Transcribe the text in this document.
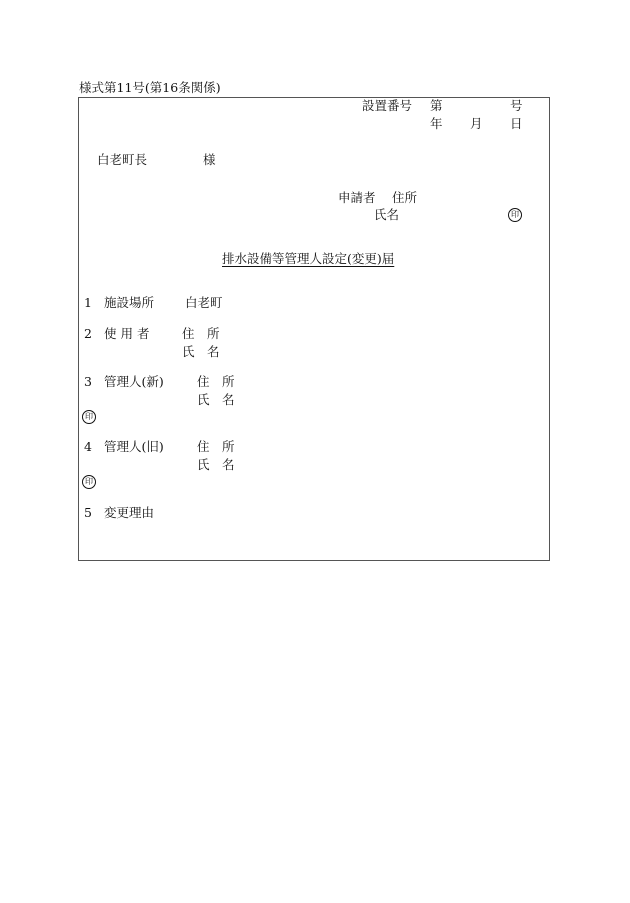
様式第11号(第16条関係)
設置番号 第	号
年 月 日
白老町長	様
申請者 住所
氏名	印
排水設備等管理人設定(変更)届
1 施設場所 白老町
2 使 用 者	住　所
氏　名
3 管理人(新)	住　所
氏　名
印
4 管理人(旧)	住　所
氏　名
印
5 変更理由
